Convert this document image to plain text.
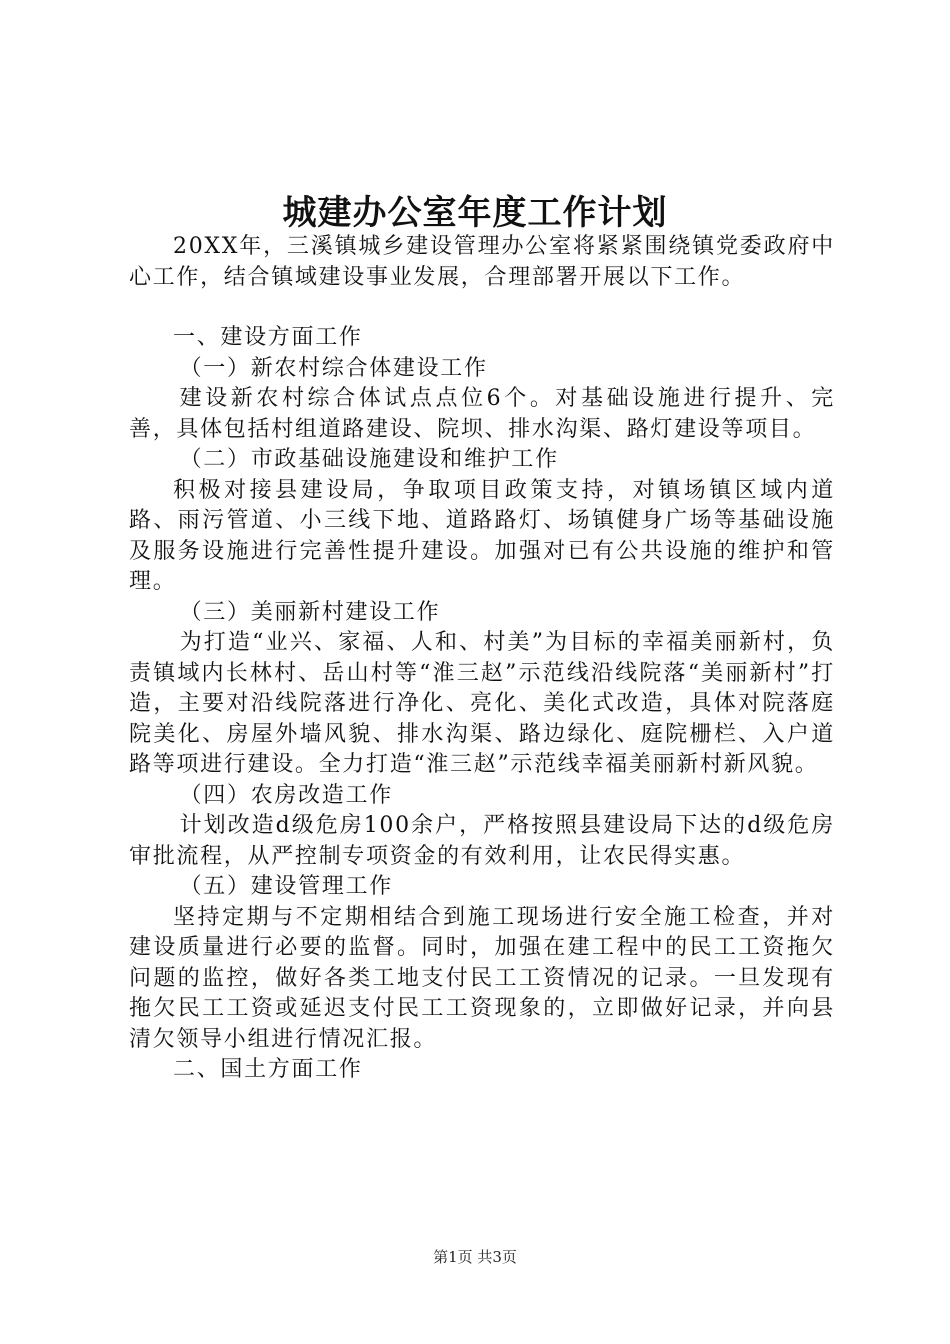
城建办公室年度工作计划

20XX年，三溪镇城乡建设管理办公室将紧紧围绕镇党委政府中心工作，结合镇域建设事业发展，合理部署开展以下工作。

一、建设方面工作

（一）新农村综合体建设工作

建设新农村综合体试点点位6个。对基础设施进行提升、完善，具体包括村组道路建设、院坝、排水沟渠、路灯建设等项目。

（二）市政基础设施建设和维护工作

积极对接县建设局，争取项目政策支持，对镇场镇区域内道路、雨污管道、小三线下地、道路路灯、场镇健身广场等基础设施及服务设施进行完善性提升建设。加强对已有公共设施的维护和管理。

（三）美丽新村建设工作

为打造“业兴、家福、人和、村美”为目标的幸福美丽新村，负责镇域内长林村、岳山村等“淮三赵”示范线沿线院落“美丽新村”打造，主要对沿线院落进行净化、亮化、美化式改造，具体对院落庭院美化、房屋外墙风貌、排水沟渠、路边绿化、庭院栅栏、入户道路等项进行建设。全力打造“淮三赵”示范线幸福美丽新村新风貌。

（四）农房改造工作

计划改造d级危房100余户，严格按照县建设局下达的d级危房审批流程，从严控制专项资金的有效利用，让农民得实惠。

（五）建设管理工作

坚持定期与不定期相结合到施工现场进行安全施工检查，并对建设质量进行必要的监督。同时，加强在建工程中的民工工资拖欠问题的监控，做好各类工地支付民工工资情况的记录。一旦发现有拖欠民工工资或延迟支付民工工资现象的，立即做好记录，并向县清欠领导小组进行情况汇报。

二、国土方面工作

第1页 共3页
